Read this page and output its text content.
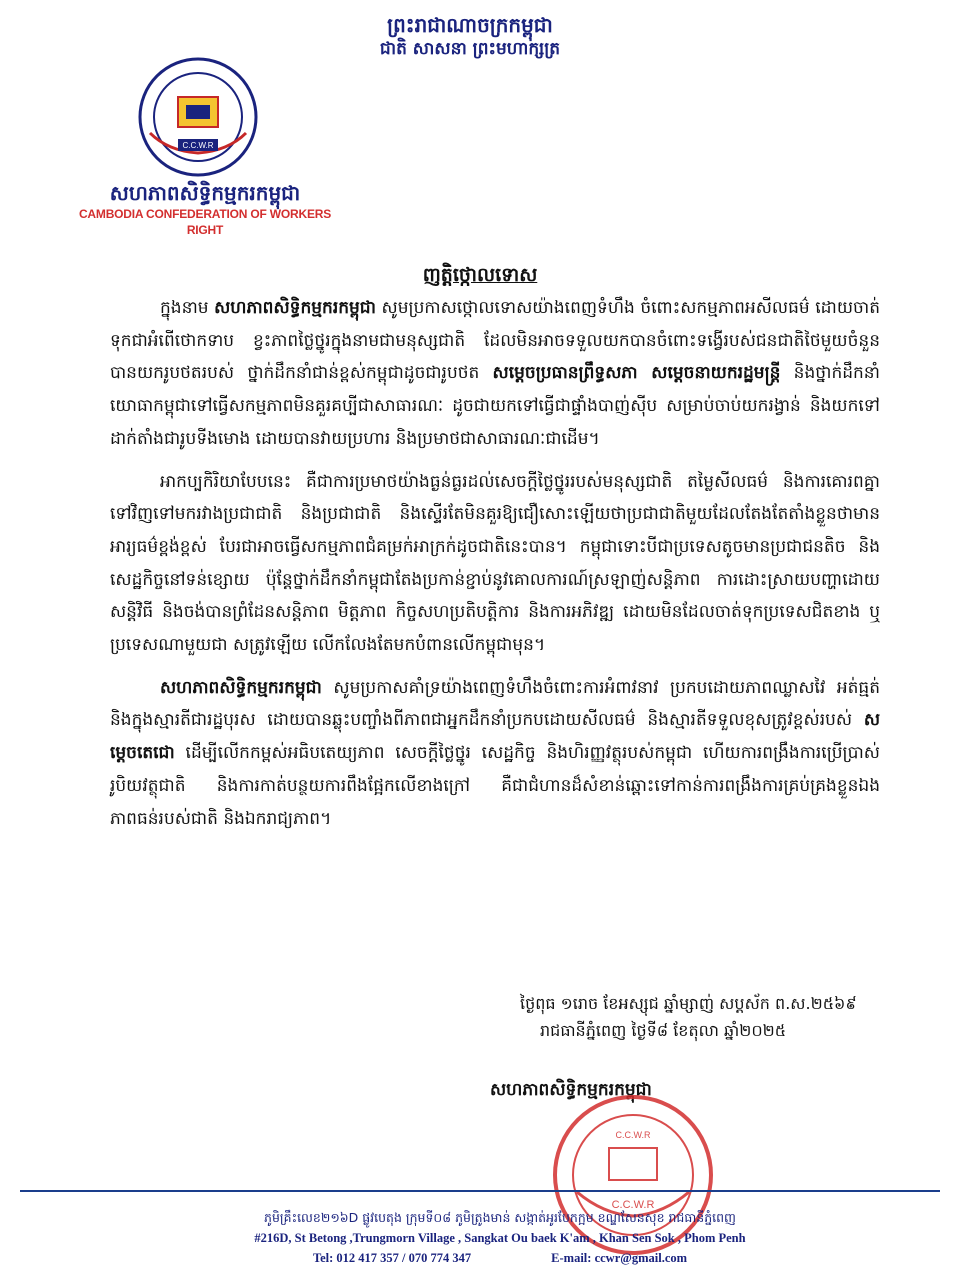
ព្រះរាជាណាចក្រកម្ពុជា
ជាតិ សាសនា ព្រះមហាក្សត្រ
C.C.W.R
សហភាពសិទ្ធិកម្មករកម្ពុជា
CAMBODIA CONFEDERATION OF WORKERS RIGHT
ញត្តិថ្កោលទោស

ក្នុងនាម សហភាពសិទ្ធិកម្មករកម្ពុជា សូមប្រកាសថ្កោលទោសយ៉ាងពេញទំហឹង ចំពោះសកម្មភាពអសីលធម៌ ដោយចាត់ទុកជាអំពើថោកទាប ខ្វះភាពថ្លៃថ្នូរក្នុងនាមជាមនុស្សជាតិ ដែលមិនអាចទទួលយកបានចំពោះទង្វើរបស់ជនជាតិថៃមួយចំនួនបានយករូបថតរបស់ ថ្នាក់ដឹកនាំជាន់ខ្ពស់កម្ពុជាដូចជារូបថត សម្តេចប្រធានព្រឹទ្ធសភា សម្តេចនាយករដ្ឋមន្ត្រី និងថ្នាក់ដឹកនាំយោធាកម្ពុជាទៅធ្វើសកម្មភាពមិនគួរគប្បីជាសាធារណៈ ដូចជាយកទៅធ្វើជាផ្ទាំងបាញ់ស៊ីប សម្រាប់ចាប់យករង្វាន់ និងយកទៅដាក់តាំងជារូបទីងមោង ដោយបានវាយប្រហារ និងប្រមាថជាសាធារណៈជាដើម។

អាកប្បកិរិយាបែបនេះ គឺជាការប្រមាថយ៉ាងធ្ងន់ធ្ងរដល់សេចក្តីថ្លៃថ្នូររបស់មនុស្សជាតិ តម្លៃសីលធម៌ និងការគោរពគ្នាទៅវិញទៅមករវាងប្រជាជាតិ និងប្រជាជាតិ និងស្ទើរតែមិនគួរឱ្យជឿសោះឡើយថាប្រជាជាតិមួយដែលតែងតែតាំងខ្លួនថាមានអារ្យធម៌ខ្ពង់ខ្ពស់ បែរជាអាចធ្វើសកម្មភាពជំគម្រក់អាក្រក់ដូចជាតិនេះបាន។ កម្ពុជាទោះបីជាប្រទេសតូចមានប្រជាជនតិច និងសេដ្ឋកិច្ចនៅទន់ខ្សោយ ប៉ុន្តែថ្នាក់ដឹកនាំកម្ពុជាតែងប្រកាន់ខ្ជាប់នូវគោលការណ៍ស្រឡាញ់សន្តិភាព ការដោះស្រាយបញ្ហាដោយសន្តិវិធី និងចង់បានព្រំដែនសន្តិភាព មិត្តភាព កិច្ចសហប្រតិបត្តិការ និងការអភិវឌ្ឍ ដោយមិនដែលចាត់ទុកប្រទេសជិតខាង ឬប្រទេសណាមួយជា សត្រូវឡើយ លើកលែងតែមកបំពានលើកម្ពុជាមុន។

សហភាពសិទ្ធិកម្មករកម្ពុជា សូមប្រកាសគាំទ្រយ៉ាងពេញទំហឹងចំពោះការអំពាវនាវ ប្រកបដោយភាពឈ្លាសវៃ អត់ធ្មត់ និងក្នុងស្មារតីជារដ្ឋបុរស ដោយបានឆ្លុះបញ្ចាំងពីភាពជាអ្នកដឹកនាំប្រកបដោយសីលធម៌ និងស្មារតីទទួលខុសត្រូវខ្ពស់របស់ សម្តេចតេជោ ដើម្បីលើកកម្ពស់អធិបតេយ្យភាព សេចក្តីថ្លៃថ្នូរ សេដ្ឋកិច្ច និងហិរញ្ញវត្ថុរបស់កម្ពុជា ហើយការពង្រឹងការប្រើប្រាស់រូបិយវត្ថុជាតិ និងការកាត់បន្ថយការពឹងផ្អែកលើខាងក្រៅ គឺជាជំហានដ៏សំខាន់ឆ្ពោះទៅកាន់ការពង្រឹងការគ្រប់គ្រងខ្លួនឯង ភាពធន់របស់ជាតិ និងឯករាជ្យភាព។

ថ្ងៃពុធ ១រោច ខែអស្សុជ ឆ្នាំម្សាញ់ សប្តស័ក ព.ស.២៥៦៩
រាជធានីភ្នំពេញ ថ្ងៃទី៨ ខែតុលា ឆ្នាំ២០២៥
សហភាពសិទ្ធិកម្មករកម្ពុជា
C.C.W.R
C.C.W.R
ភូមិគ្រឹះលេខ២១៦D ផ្លូវបេតុង ក្រុមទី០៨ ភូមិត្រូងមាន់ សង្កាត់អូរបែកក្អម ខណ្ឌសែនសុខ រាជធានីភ្នំពេញ
#216D, St Betong ,Trungmorn Village , Sangkat Ou baek K'am , Khan Sen Sok , Phom Penh
Tel: 012 417 357 / 070 774 347	E-mail: ccwr@gmail.com
